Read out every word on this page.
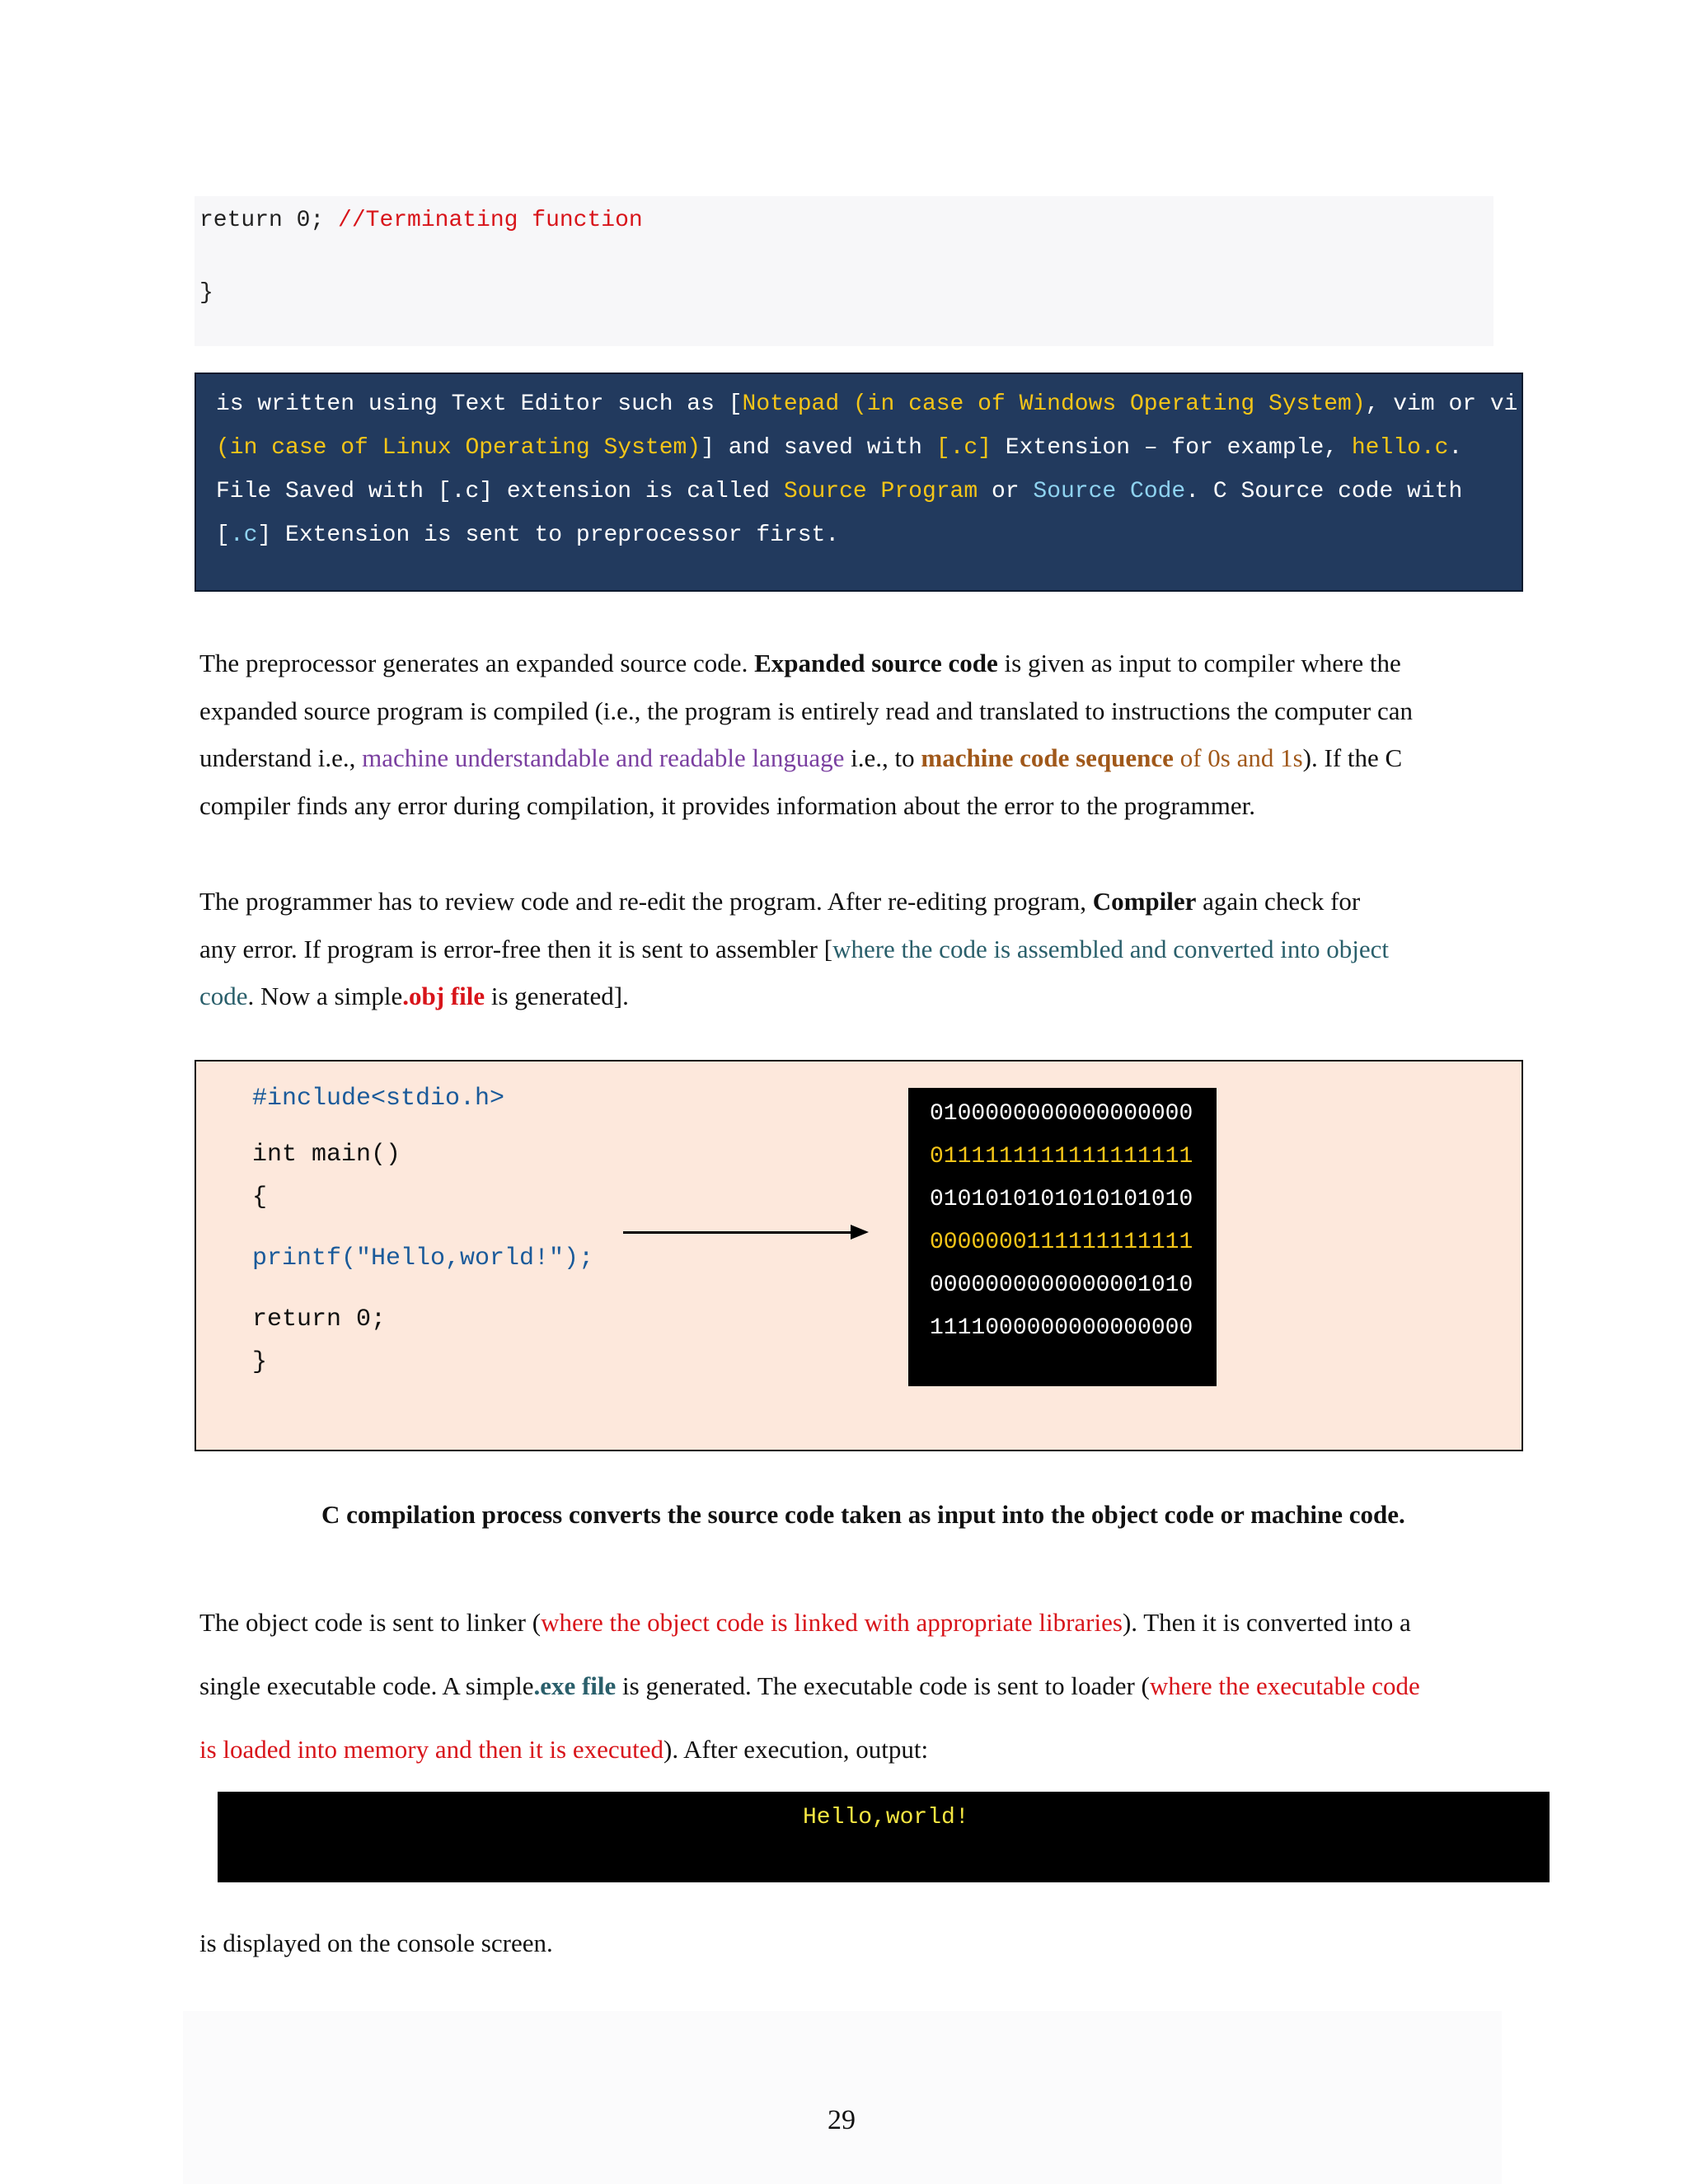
return 0; //Terminating function
}
is written using Text Editor such as [Notepad (in case of Windows Operating System), vim or vi
(in case of Linux Operating System)] and saved with [.c] Extension – for example, hello.c.
File Saved with [.c] extension is called Source Program or Source Code. C Source code with
[.c] Extension is sent to preprocessor first.
The preprocessor generates an expanded source code. Expanded source code is given as input to compiler where the
expanded source program is compiled (i.e., the program is entirely read and translated to instructions the computer can
understand i.e., machine understandable and readable language i.e., to machine code sequence of 0s and 1s). If the C
compiler finds any error during compilation, it provides information about the error to the programmer.
The programmer has to review code and re-edit the program. After re-editing program, Compiler again check for
any error. If program is error-free then it is sent to assembler [where the code is assembled and converted into object
code. Now a simple.obj file is generated].
#include<stdio.h>
int main()
{
printf("Hello,world!");
return 0;
}
0100000000000000000
0111111111111111111
0101010101010101010
0000000111111111111
0000000000000001010
1111000000000000000
C compilation process converts the source code taken as input into the object code or machine code.
The object code is sent to linker (where the object code is linked with appropriate libraries). Then it is converted into a
single executable code. A simple.exe file is generated. The executable code is sent to loader (where the executable code
is loaded into memory and then it is executed). After execution, output:
Hello,world!
is displayed on the console screen.
29
